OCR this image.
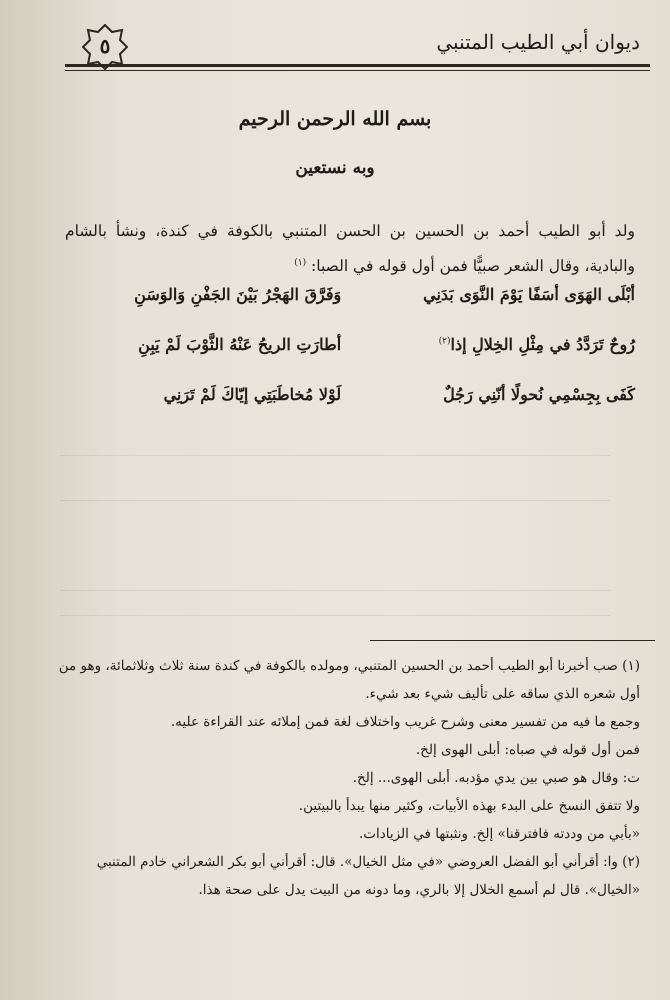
٥	ديوان أبي الطيب المتنبي
بسم الله الرحمن الرحيم
وبه نستعين
ولد أبو الطيب أحمد بن الحسين بن الحسن المتنبي بالكوفة في كندة، ونشأ بالشام والبادية، وقال الشعر صبيًّا فمن أول قوله في الصبا: $^{(١)}$
أبْلَى الهَوَى أسَفًا يَوْمَ النَّوَى بَدَنِي
وَفَرَّقَ الهَجْرُ بَيْنَ الجَفْنِ وَالوَسَنِ
رُوحٌ تَرَدَّدُ في مِثْلِ الخِلالِ إذا$^{(٢)}$
أطارَتِ الريحُ عَنْهُ الثَّوْبَ لَمْ يَبِنِ
كَفَى بِجِسْمِي نُحولًا أنّنِي رَجُلٌ
لَوْلا مُخاطَبَتِي إيّاكَ لَمْ تَرَنِي

(١) صب أخبرنا أبو الطيب أحمد بن الحسين المتنبي، ومولده بالكوفة في كندة سنة ثلاث وثلاثمائة، وهو من أول شعره الذي ساقه على تأليف شيء بعد شيء.

وجمع ما فيه من تفسير معنى وشرح غريب واختلاف لغة فمن إملائه عند القراءة عليه.

فمن أول قوله في صباه: أبلى الهوى إلخ.

ت: وقال هو صبي بين يدي مؤدبه. أبلى الهوى... إلخ.

ولا تتفق النسخ على البدء بهذه الأبيات، وكثير منها يبدأ بالبيتين.

«بأبي من وددته فافترقنا» إلخ. ونثبتها في الزيادات.

(٢) وا: أقرأني أبو الفضل العروضي «في مثل الخيال». قال: أقرأني أبو بكر الشعراني خادم المتنبي «الخيال». قال لم أسمع الخلال إلا بالري، وما دونه من البيت يدل على صحة هذا.
